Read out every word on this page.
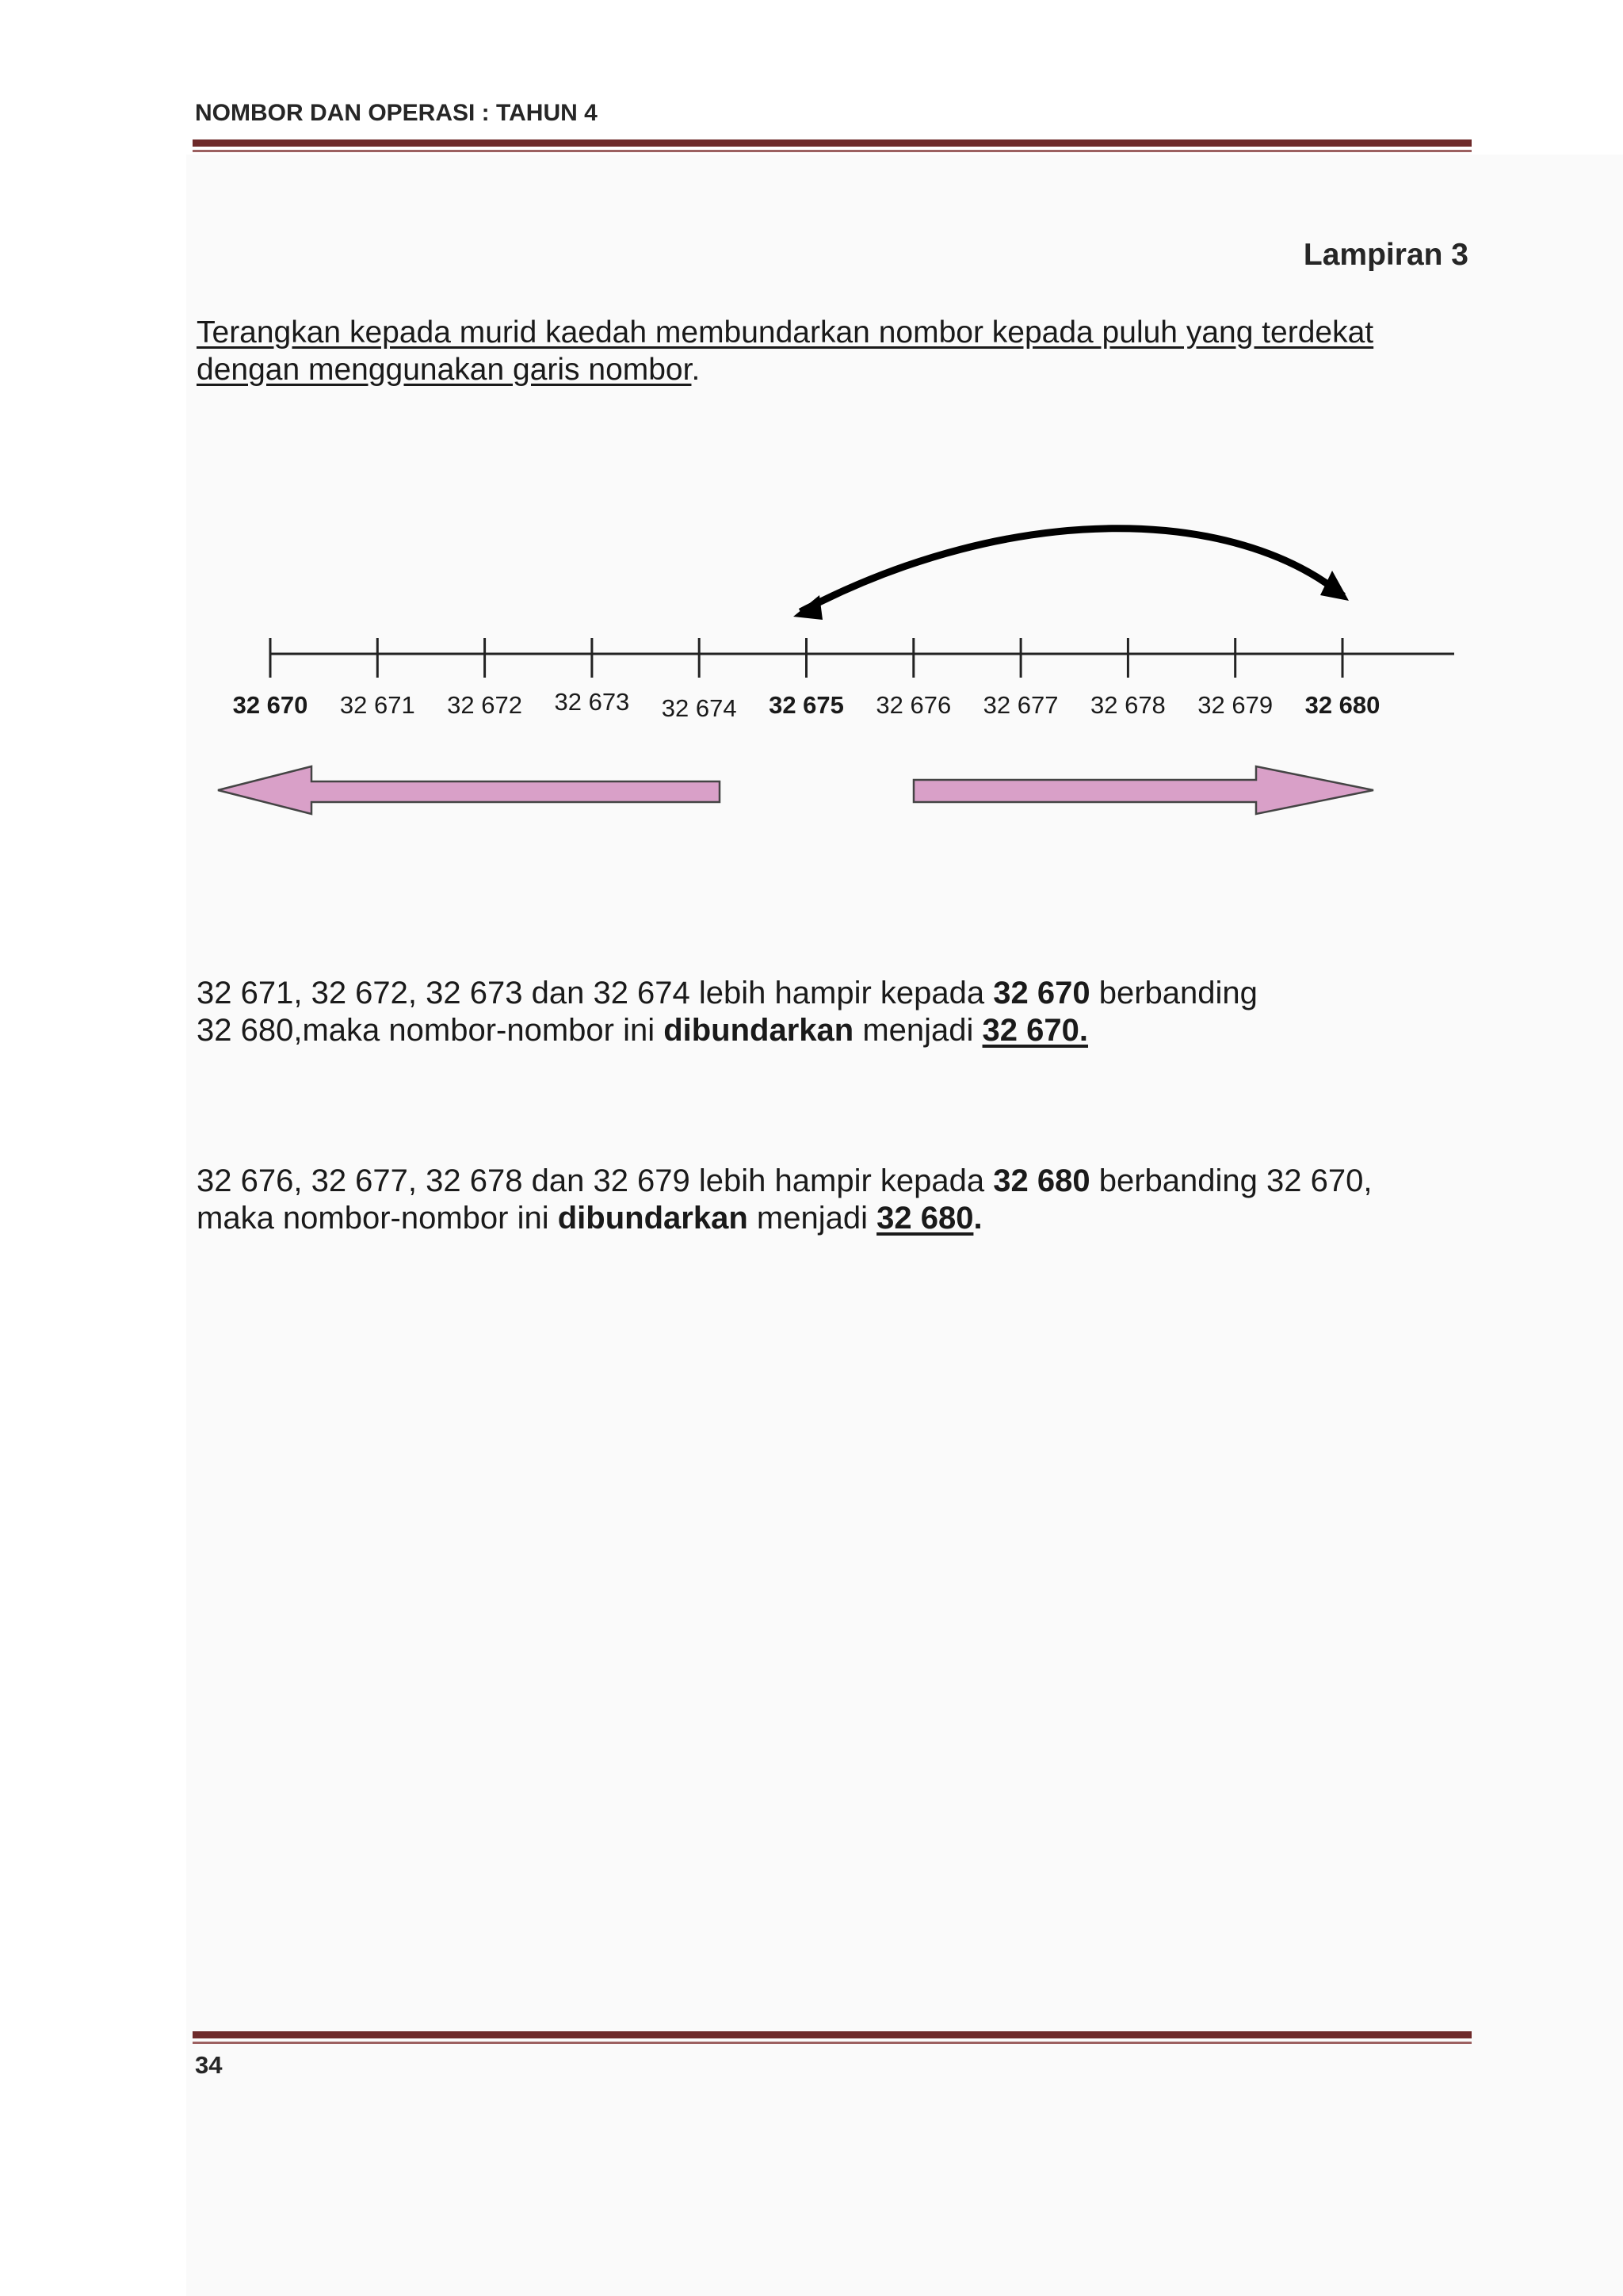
NOMBOR DAN OPERASI : TAHUN 4
Lampiran 3
Terangkan kepada murid kaedah membundarkan nombor kepada puluh yang terdekat
dengan menggunakan garis nombor.
32 670 32 671 32 672 32 673 32 674 32 675 32 676 32 677 32 678 32 679 32 680
32 671, 32 672, 32 673 dan 32 674 lebih hampir kepada 32 670 berbanding
32 680,maka nombor-nombor ini dibundarkan menjadi 32 670.
32 676, 32 677, 32 678 dan 32 679 lebih hampir kepada 32 680 berbanding 32 670,
maka nombor-nombor ini dibundarkan menjadi 32 680.
34
